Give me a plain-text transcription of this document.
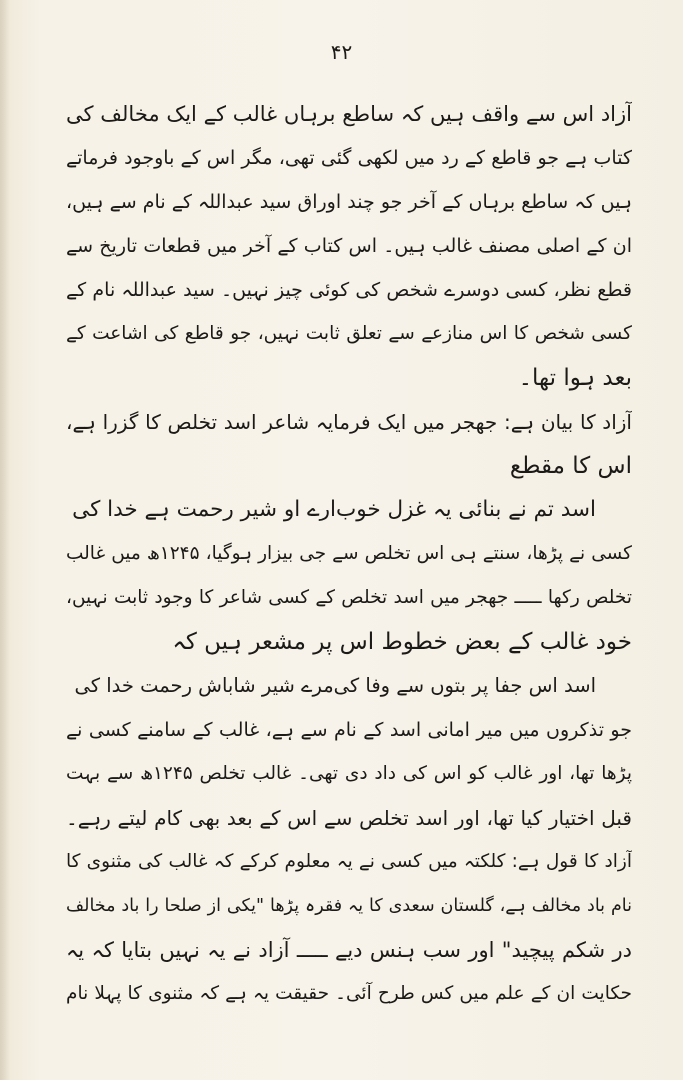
۴۲
آزاد اس سے واقف ہیں کہ ساطع برہاں غالب کے ایک مخالف کی
کتاب ہے جو قاطع کے رد میں لکھی گئی تھی، مگر اس کے باوجود فرماتے
ہیں کہ ساطع برہاں کے آخر جو چند اوراق سید عبداللہ کے نام سے ہیں،
ان کے اصلی مصنف غالب ہیں۔ اس کتاب کے آخر میں قطعات تاریخ سے
قطع نظر، کسی دوسرے شخص کی کوئی چیز نہیں۔ سید عبداللہ نام کے
کسی شخص کا اس منازعے سے تعلق ثابت نہیں، جو قاطع کی اشاعت کے
بعد ہوا تھا۔
آزاد کا بیان ہے: جھجر میں ایک فرمایہ شاعر اسد تخلص کا گزرا ہے،
اس کا مقطع
اسد تم نے بنائی یہ غزل خوب
ارے او شیر رحمت ہے خدا کی
کسی نے پڑھا، سنتے ہی اس تخلص سے جی بیزار ہوگیا، ۱۲۴۵ھ میں غالب
تخلص رکھا ـــــ جھجر میں اسد تخلص کے کسی شاعر کا وجود ثابت نہیں،
خود غالب کے بعض خطوط اس پر مشعر ہیں کہ
اسد اس جفا پر بتوں سے وفا کی
مرے شیر شاباش رحمت خدا کی
جو تذکروں میں میر امانی اسد کے نام سے ہے، غالب کے سامنے کسی نے
پڑھا تھا، اور غالب کو اس کی داد دی تھی۔ غالب تخلص ۱۲۴۵ھ سے بہت
قبل اختیار کیا تھا، اور اسد تخلص سے اس کے بعد بھی کام لیتے رہے۔
آزاد کا قول ہے: کلکتہ میں کسی نے یہ معلوم کرکے کہ غالب کی مثنوی کا
نام باد مخالف ہے، گلستان سعدی کا یہ فقرہ پڑھا "یکی از صلحا را باد مخالف
در شکم پیچید" اور سب ہنس دیے ـــــ آزاد نے یہ نہیں بتایا کہ یہ
حکایت ان کے علم میں کس طرح آئی۔ حقیقت یہ ہے کہ مثنوی کا پہلا نام
